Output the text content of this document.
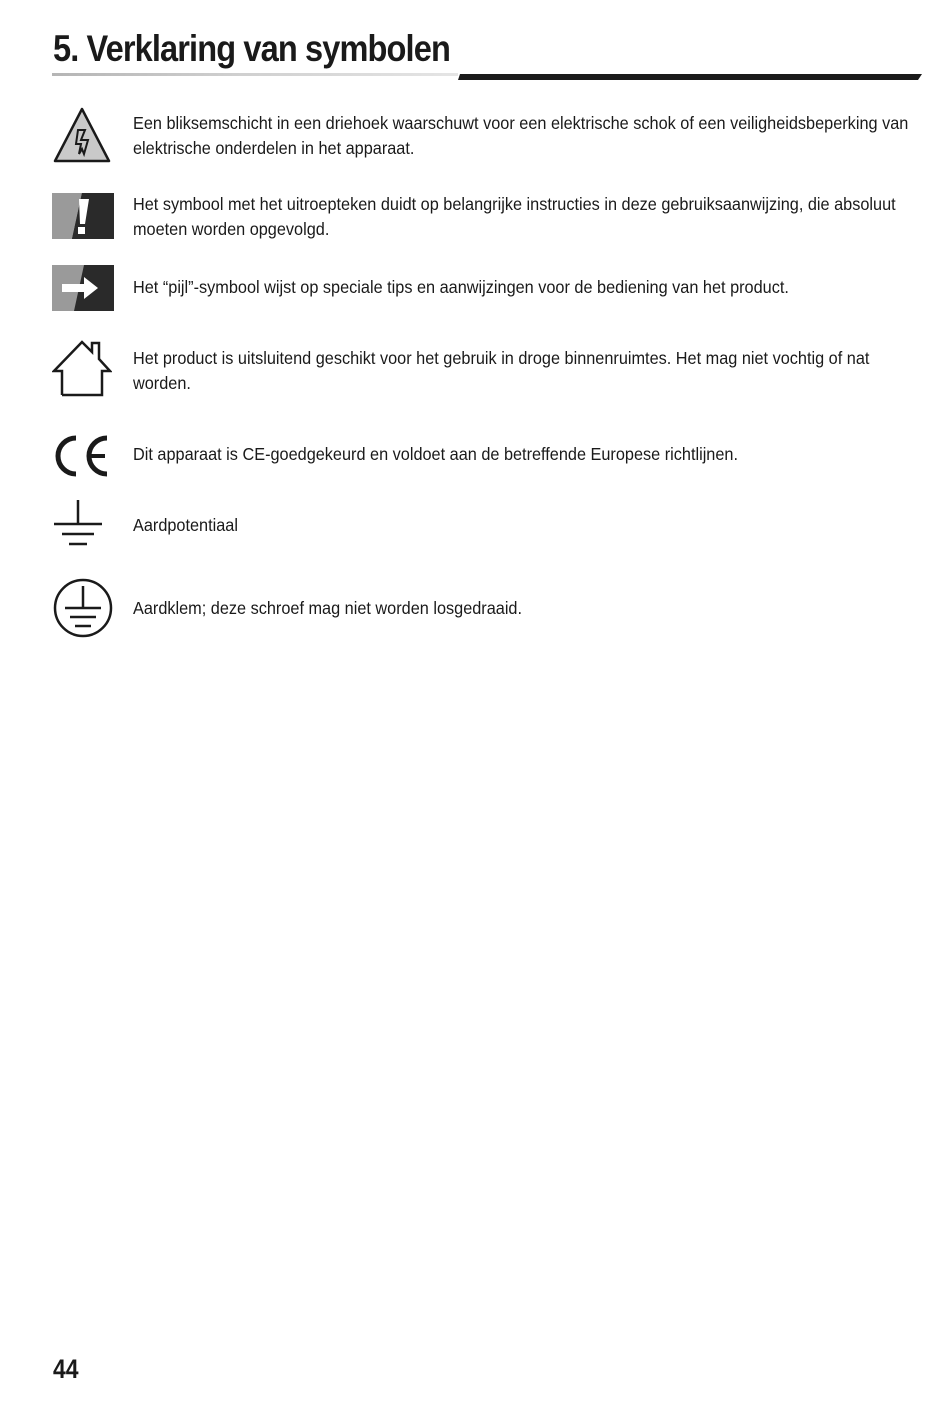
5. Verklaring van symbolen
Een bliksemschicht in een driehoek waarschuwt voor een elektrische schok of een veiligheidsbeperking van elektrische onderdelen in het apparaat.
Het symbool met het uitroepteken duidt op belangrijke instructies in deze gebruiksaanwijzing, die absoluut moeten worden opgevolgd.
Het “pijl”-symbool wijst op speciale tips en aanwijzingen voor de bediening van het product.
Het product is uitsluitend geschikt voor het gebruik in droge binnenruimtes. Het mag niet vochtig of nat worden.
Dit apparaat is CE-goedgekeurd en voldoet aan de betreffende Europese richtlijnen.
Aardpotentiaal
Aardklem; deze schroef mag niet worden losgedraaid.
44
